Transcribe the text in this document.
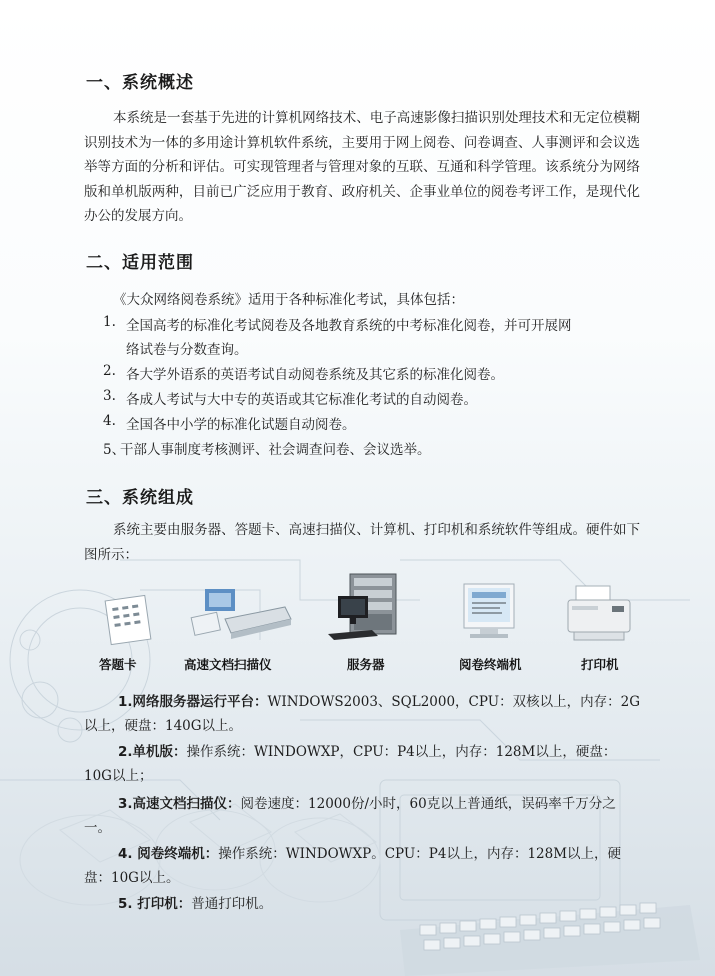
一、系统概述

本系统是一套基于先进的计算机网络技术、电子高速影像扫描识别处理技术和无定位模糊识别技术为一体的多用途计算机软件系统，主要用于网上阅卷、问卷调查、人事测评和会议选举等方面的分析和评估。可实现管理者与管理对象的互联、互通和科学管理。该系统分为网络版和单机版两种，目前已广泛应用于教育、政府机关、企事业单位的阅卷考评工作，是现代化办公的发展方向。

二、适用范围
《大众网络阅卷系统》适用于各种标准化考试，具体包括：
1. 全国高考的标准化考试阅卷及各地教育系统的中考标准化阅卷，并可开展网
络试卷与分数查询。
2. 各大学外语系的英语考试自动阅卷系统及其它系的标准化阅卷。
3. 各成人考试与大中专的英语或其它标准化考试的自动阅卷。
4. 全国各中小学的标准化试题自动阅卷。
5、
干部人事制度考核测评、社会调查问卷、会议选举。
三、系统组成

系统主要由服务器、答题卡、高速扫描仪、计算机、打印机和系统软件等组成。硬件如下图所示：

答题卡	高速文档扫描仪	服务器	阅卷终端机	打印机

1.网络服务器运行平台：WINDOWS2003、SQL2000，CPU：双核以上，内存：2G以上，硬盘：140G以上。

2.单机版：操作系统：WINDOWXP，CPU：P4以上，内存：128M以上，硬盘：10G以上；

3.高速文档扫描仪：阅卷速度：12000份/小时，60克以上普通纸，误码率千万分之一。

4. 阅卷终端机：操作系统：WINDOWXP。CPU：P4以上，内存：128M以上，硬盘：10G以上。

5. 打印机：普通打印机。
